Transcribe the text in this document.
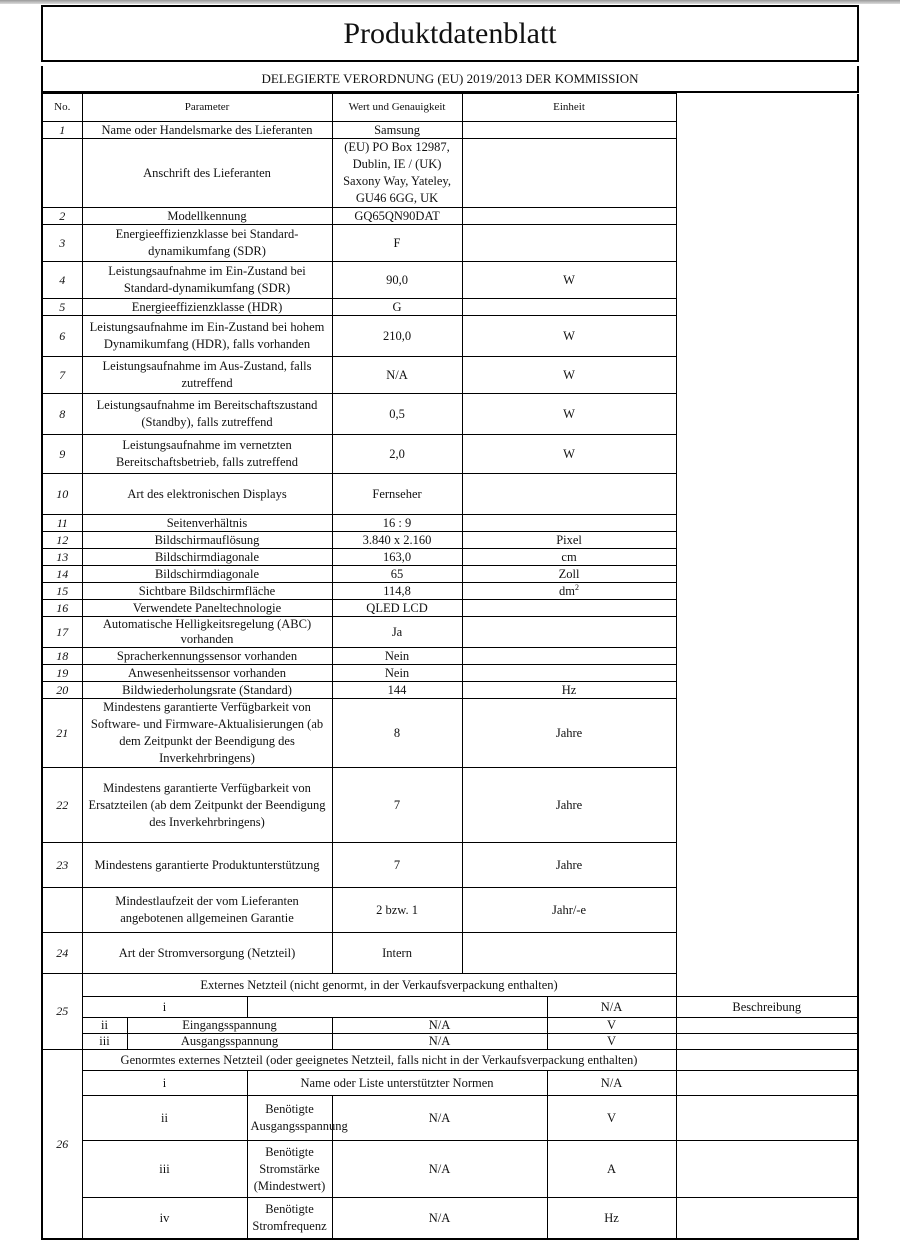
Produktdatenblatt
DELEGIERTE VERORDNUNG (EU) 2019/2013 DER KOMMISSION
No.	Parameter			Wert und Genauigkeit	Einheit		
1	Name oder Handelsmarke des Lieferanten			Samsung			
	Anschrift des Lieferanten			(EU) PO Box 12987, Dublin, IE / (UK) Saxony Way, Yateley, GU46 6GG, UK			
2	Modellkennung			GQ65QN90DAT			
3	Energieeffizienzklasse bei Standard-dynamikumfang (SDR)			F			
4	Leistungsaufnahme im Ein-Zustand bei Standard-dynamikumfang (SDR)			90,0	W		
5	Energieeffizienzklasse (HDR)			G			
6	Leistungsaufnahme im Ein-Zustand bei hohem Dynamikumfang (HDR), falls vorhanden			210,0	W		
7	Leistungsaufnahme im Aus-Zustand, falls zutreffend			N/A	W		
8	Leistungsaufnahme im Bereitschaftszustand (Standby), falls zutreffend			0,5	W		
9	Leistungsaufnahme im vernetzten Bereitschaftsbetrieb, falls zutreffend			2,0	W		
10	Art des elektronischen Displays			Fernseher			
11	Seitenverhältnis			16 : 9			
12	Bildschirmauflösung			3.840 x 2.160	Pixel		
13	Bildschirmdiagonale			163,0	cm		
14	Bildschirmdiagonale			65	Zoll		
15	Sichtbare Bildschirmfläche			114,8	$dm^2$
16	Verwendete Paneltechnologie			QLED LCD			
17	Automatische Helligkeitsregelung (ABC) vorhanden			Ja			
18	Spracherkennungssensor vorhanden			Nein			
19	Anwesenheitssensor vorhanden			Nein			
20	Bildwiederholungsrate (Standard)			144	Hz		
21	Mindestens garantierte Verfügbarkeit von Software- und Firmware-Aktualisierungen (ab dem Zeitpunkt der Beendigung des Inverkehrbringens)			8	Jahre		
22	Mindestens garantierte Verfügbarkeit von Ersatzteilen (ab dem Zeitpunkt der Beendigung des Inverkehrbringens)			7	Jahre		
23	Mindestens garantierte Produktunterstützung			7	Jahre		
	Mindestlaufzeit der vom Lieferanten angebotenen allgemeinen Garantie			2 bzw. 1	Jahr/-e		
24	Art der Stromversorgung (Netzteil)			Intern			
25	Externes Netzteil (nicht genormt, in der Verkaufsverpackung enthalten)						
	i					N/A	Beschreibung
	ii	Eingangsspannung		N/A		V	
	iii	Ausgangsspannung		N/A		V	
26	Genormtes externes Netzteil (oder geeignetes Netzteil, falls nicht in der Verkaufsverpackung enthalten)						
	i		Name oder Liste unterstützter Normen			N/A	
	ii		Benötigte Ausgangsspannung	N/A		V	
	iii		Benötigte Stromstärke (Mindestwert)	N/A		A	
	iv		Benötigte Stromfrequenz	N/A		Hz	
